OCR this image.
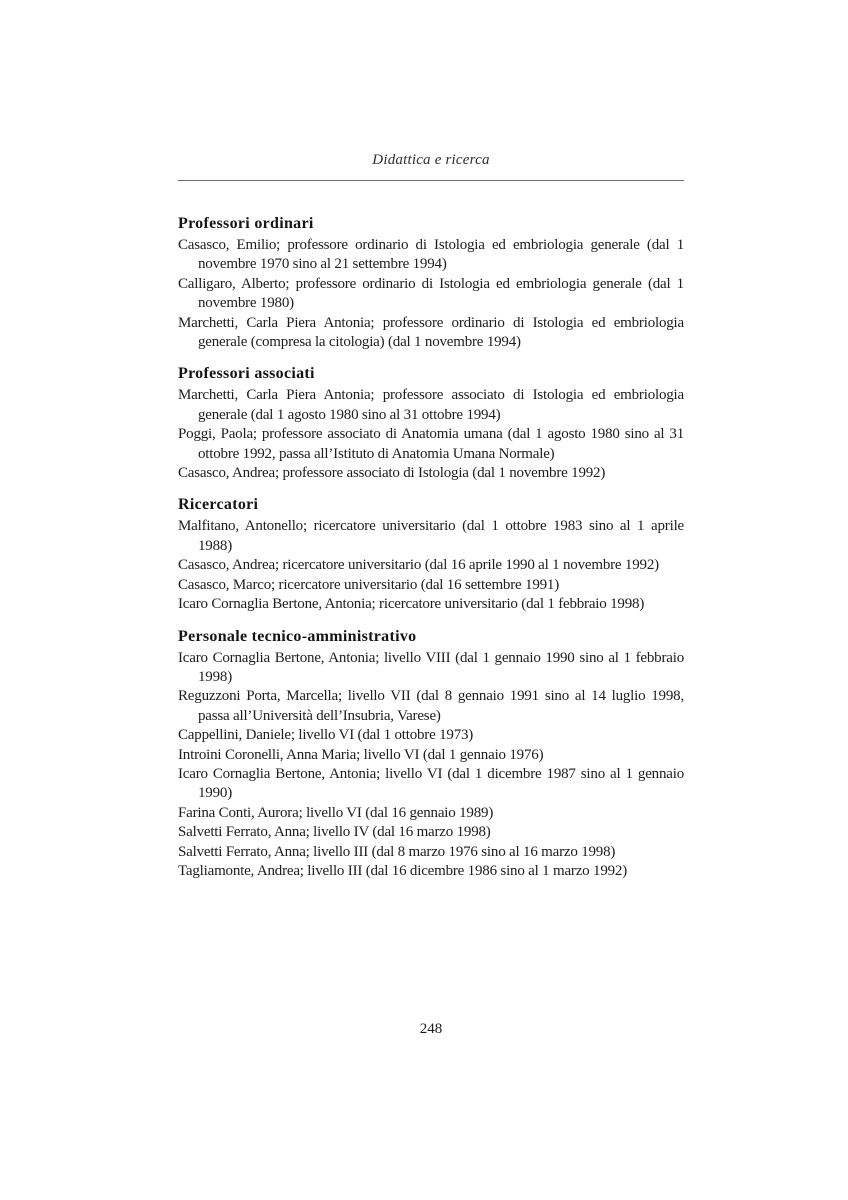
Didattica e ricerca
Professori ordinari

Casasco, Emilio; professore ordinario di Istologia ed embriologia generale (dal 1 novembre 1970 sino al 21 settembre 1994)

Calligaro, Alberto; professore ordinario di Istologia ed embriologia generale (dal 1 novembre 1980)

Marchetti, Carla Piera Antonia; professore ordinario di Istologia ed embriologia generale (compresa la citologia) (dal 1 novembre 1994)

Professori associati

Marchetti, Carla Piera Antonia; professore associato di Istologia ed embriologia generale (dal 1 agosto 1980 sino al 31 ottobre 1994)

Poggi, Paola; professore associato di Anatomia umana (dal 1 agosto 1980 sino al 31 ottobre 1992, passa all’Istituto di Anatomia Umana Normale)

Casasco, Andrea; professore associato di Istologia (dal 1 novembre 1992)

Ricercatori

Malfitano, Antonello; ricercatore universitario (dal 1 ottobre 1983 sino al 1 aprile 1988)

Casasco, Andrea; ricercatore universitario (dal 16 aprile 1990 al 1 novembre 1992)

Casasco, Marco; ricercatore universitario (dal 16 settembre 1991)

Icaro Cornaglia Bertone, Antonia; ricercatore universitario (dal 1 febbraio 1998)

Personale tecnico-amministrativo

Icaro Cornaglia Bertone, Antonia; livello VIII (dal 1 gennaio 1990 sino al 1 febbraio 1998)

Reguzzoni Porta, Marcella; livello VII (dal 8 gennaio 1991 sino al 14 luglio 1998, passa all’Università dell’Insubria, Varese)

Cappellini, Daniele; livello VI (dal 1 ottobre 1973)

Introini Coronelli, Anna Maria; livello VI (dal 1 gennaio 1976)

Icaro Cornaglia Bertone, Antonia; livello VI (dal 1 dicembre 1987 sino al 1 gennaio 1990)

Farina Conti, Aurora; livello VI (dal 16 gennaio 1989)

Salvetti Ferrato, Anna; livello IV (dal 16 marzo 1998)

Salvetti Ferrato, Anna; livello III (dal 8 marzo 1976 sino al 16 marzo 1998)

Tagliamonte, Andrea; livello III (dal 16 dicembre 1986 sino al 1 marzo 1992)

248
